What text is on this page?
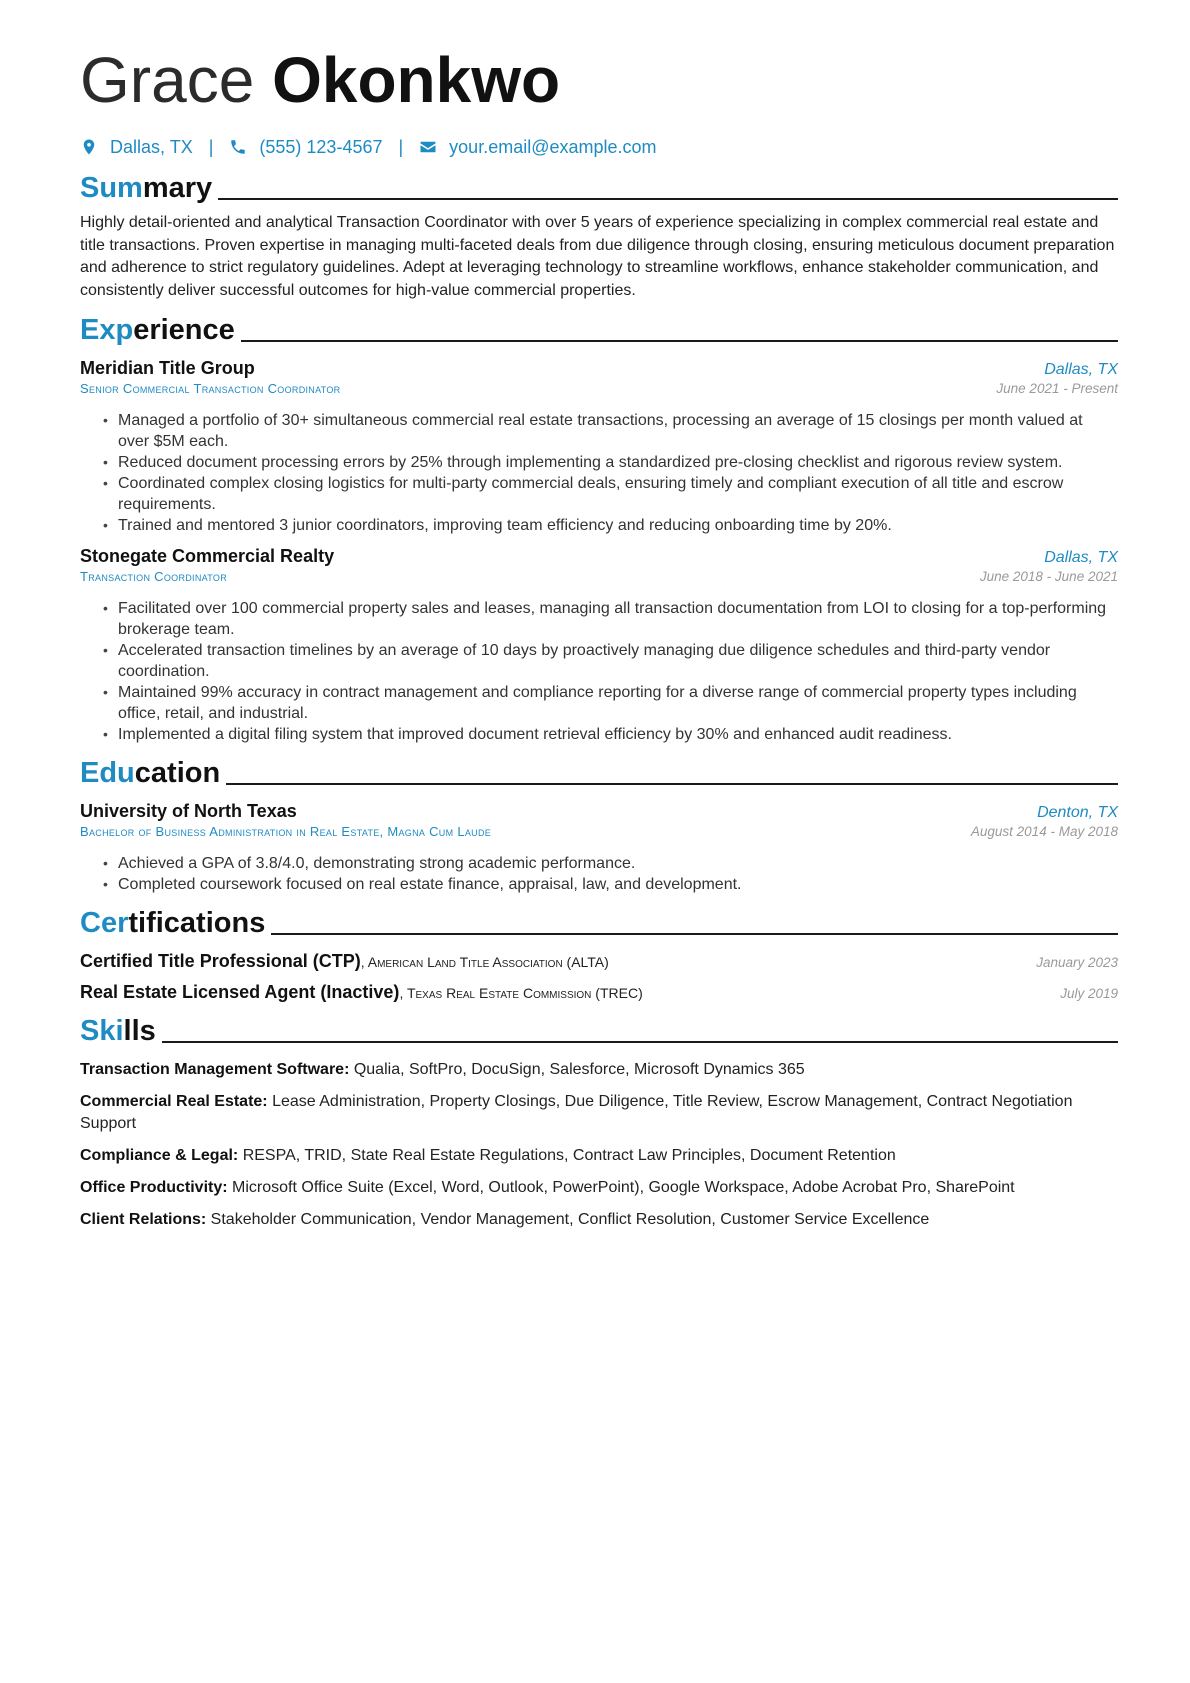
Grace Okonkwo
Dallas, TX |	(555) 123-4567 |	your.email@example.com
Summary

Highly detail-oriented and analytical Transaction Coordinator with over 5 years of experience specializing in complex commercial real estate and title transactions. Proven expertise in managing multi-faceted deals from due diligence through closing, ensuring meticulous document preparation and adherence to strict regulatory guidelines. Adept at leveraging technology to streamline workflows, enhance stakeholder communication, and consistently deliver successful outcomes for high-value commercial properties.

Experience
Meridian Title Group	Dallas, TX
Senior Commercial Transaction Coordinator	June 2021 - Present
• Managed a portfolio of 30+ simultaneous commercial real estate transactions, processing an average of 15 closings per month valued at over $5M each.
• Reduced document processing errors by 25% through implementing a standardized pre-closing checklist and rigorous review system.
• Coordinated complex closing logistics for multi-party commercial deals, ensuring timely and compliant execution of all title and escrow requirements.
• Trained and mentored 3 junior coordinators, improving team efficiency and reducing onboarding time by 20%.
Stonegate Commercial Realty	Dallas, TX
Transaction Coordinator	June 2018 - June 2021
• Facilitated over 100 commercial property sales and leases, managing all transaction documentation from LOI to closing for a top-performing brokerage team.
• Accelerated transaction timelines by an average of 10 days by proactively managing due diligence schedules and third-party vendor coordination.
• Maintained 99% accuracy in contract management and compliance reporting for a diverse range of commercial property types including office, retail, and industrial.
• Implemented a digital filing system that improved document retrieval efficiency by 30% and enhanced audit readiness.
Education
University of North Texas	Denton, TX
Bachelor of Business Administration in Real Estate, Magna Cum Laude	August 2014 - May 2018
• Achieved a GPA of 3.8/4.0, demonstrating strong academic performance.
• Completed coursework focused on real estate finance, appraisal, law, and development.
Certifications
Certified Title Professional (CTP), American Land Title Association (ALTA)	January 2023
Real Estate Licensed Agent (Inactive), Texas Real Estate Commission (TREC)	July 2019
Skills
Transaction Management Software: Qualia, SoftPro, DocuSign, Salesforce, Microsoft Dynamics 365
Commercial Real Estate: Lease Administration, Property Closings, Due Diligence, Title Review, Escrow Management, Contract Negotiation Support
Compliance & Legal: RESPA, TRID, State Real Estate Regulations, Contract Law Principles, Document Retention
Office Productivity: Microsoft Office Suite (Excel, Word, Outlook, PowerPoint), Google Workspace, Adobe Acrobat Pro, SharePoint
Client Relations: Stakeholder Communication, Vendor Management, Conflict Resolution, Customer Service Excellence
